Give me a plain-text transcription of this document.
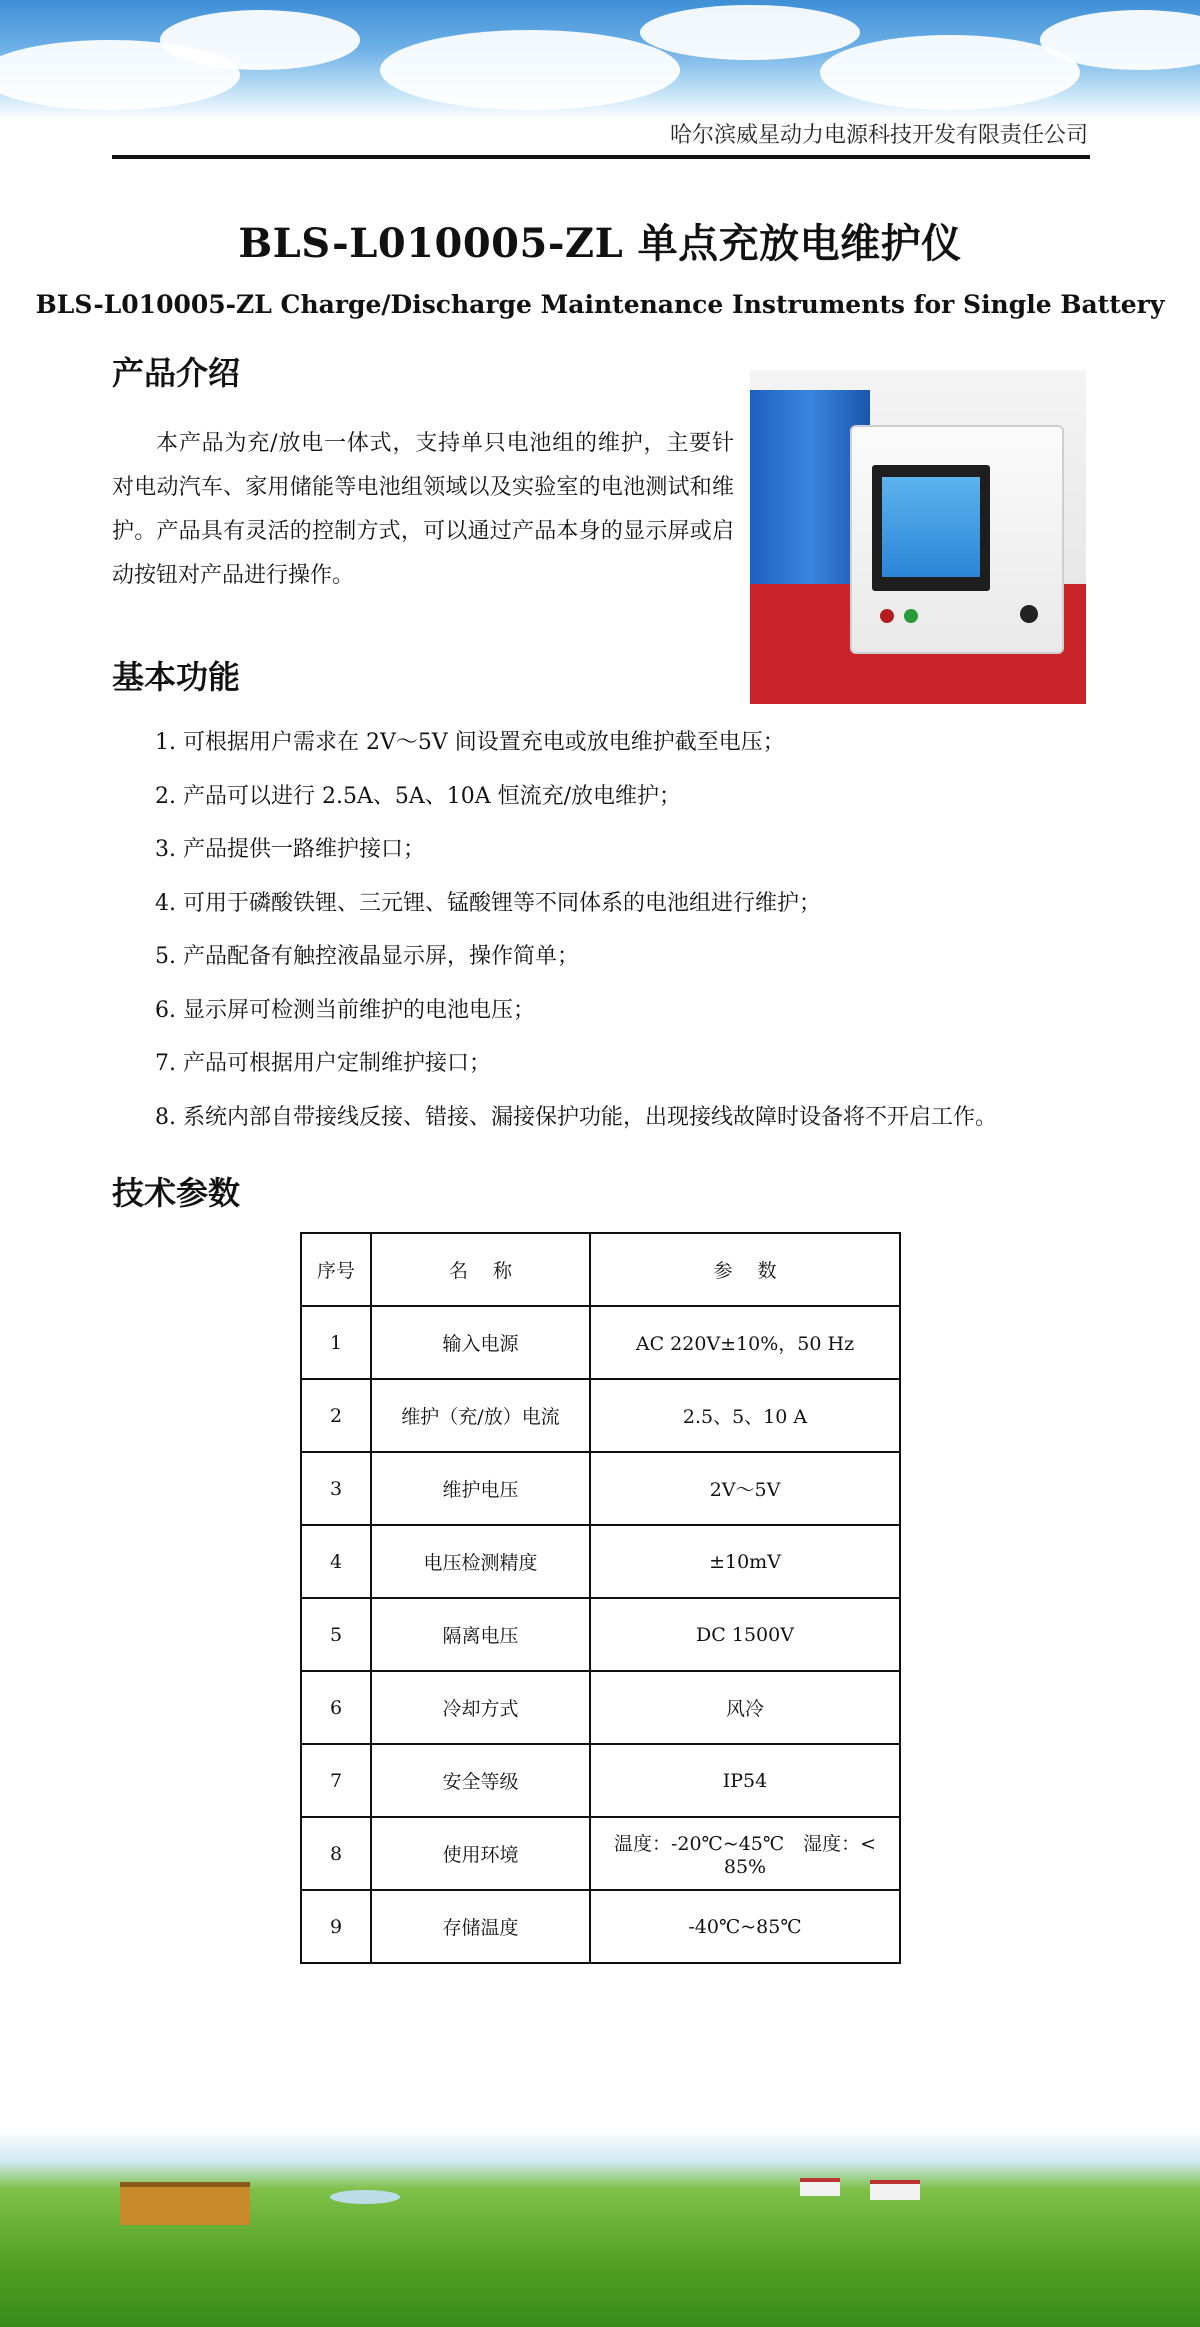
哈尔滨威星动力电源科技开发有限责任公司
BLS-L010005-ZL 单点充放电维护仪
BLS-L010005-ZL Charge/Discharge Maintenance Instruments for Single Battery
产品介绍

本产品为充/放电一体式，支持单只电池组的维护，主要针对电动汽车、家用储能等电池组领域以及实验室的电池测试和维护。产品具有灵活的控制方式，可以通过产品本身的显示屏或启动按钮对产品进行操作。

基本功能
1. 可根据用户需求在 2V～5V 间设置充电或放电维护截至电压；
2. 产品可以进行 2.5A、5A、10A 恒流充/放电维护；
3. 产品提供一路维护接口；
4. 可用于磷酸铁锂、三元锂、锰酸锂等不同体系的电池组进行维护；
5. 产品配备有触控液晶显示屏，操作简单；
6. 显示屏可检测当前维护的电池电压；
7. 产品可根据用户定制维护接口；
8. 系统内部自带接线反接、错接、漏接保护功能，出现接线故障时设备将不开启工作。
技术参数
序号	名　 称	参　 数
1	输入电源	AC 220V±10%，50 Hz
2	维护（充/放）电流	2.5、5、10 A
3	维护电压	2V～5V
4	电压检测精度	±10mV
5	隔离电压	DC 1500V
6	冷却方式	风冷
7	安全等级	IP54
8	使用环境	温度：-20℃~45℃　湿度：< 85%
9	存储温度	-40℃~85℃
